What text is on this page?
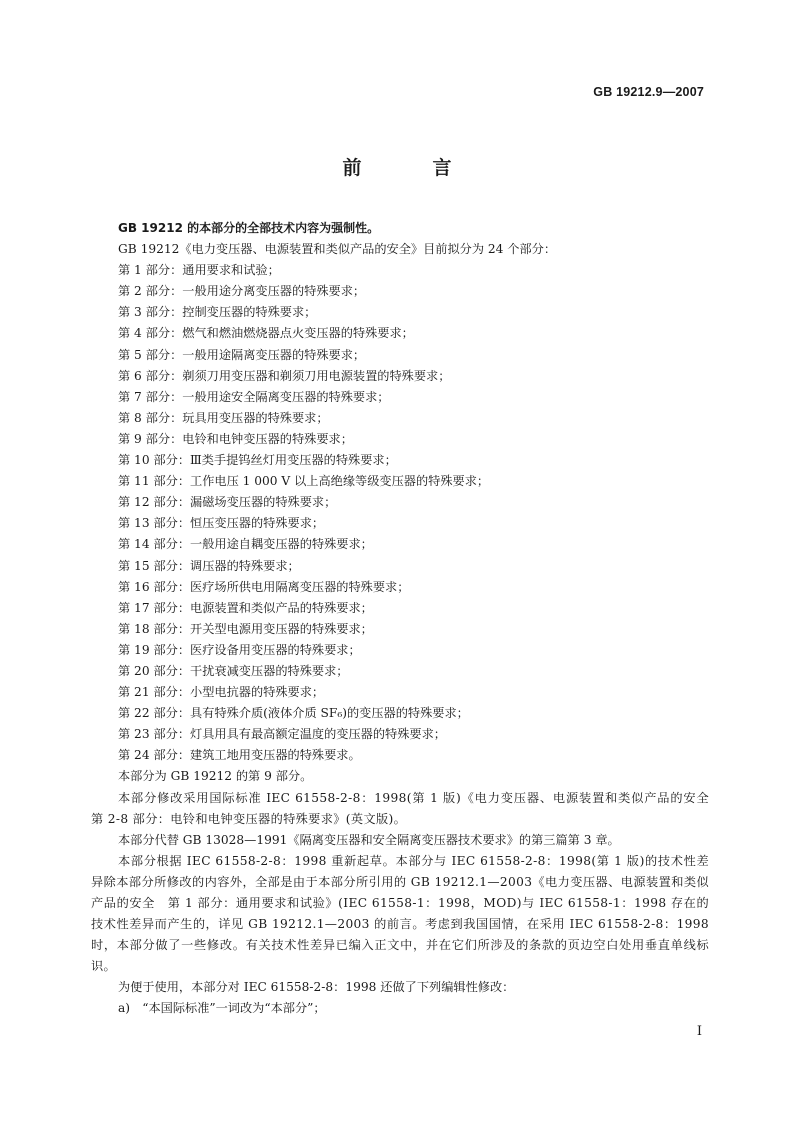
GB 19212.9—2007
前　言

GB 19212 的本部分的全部技术内容为强制性。

GB 19212《电力变压器、电源装置和类似产品的安全》目前拟分为 24 个部分：

第 1 部分：通用要求和试验；

第 2 部分：一般用途分离变压器的特殊要求；

第 3 部分：控制变压器的特殊要求；

第 4 部分：燃气和燃油燃烧器点火变压器的特殊要求；

第 5 部分：一般用途隔离变压器的特殊要求；

第 6 部分：剃须刀用变压器和剃须刀用电源装置的特殊要求；

第 7 部分：一般用途安全隔离变压器的特殊要求；

第 8 部分：玩具用变压器的特殊要求；

第 9 部分：电铃和电钟变压器的特殊要求；

第 10 部分：Ⅲ类手提钨丝灯用变压器的特殊要求；

第 11 部分：工作电压 1 000 V 以上高绝缘等级变压器的特殊要求；

第 12 部分：漏磁场变压器的特殊要求；

第 13 部分：恒压变压器的特殊要求；

第 14 部分：一般用途自耦变压器的特殊要求；

第 15 部分：调压器的特殊要求；

第 16 部分：医疗场所供电用隔离变压器的特殊要求；

第 17 部分：电源装置和类似产品的特殊要求；

第 18 部分：开关型电源用变压器的特殊要求；

第 19 部分：医疗设备用变压器的特殊要求；

第 20 部分：干扰衰减变压器的特殊要求；

第 21 部分：小型电抗器的特殊要求；

第 22 部分：具有特殊介质(液体介质 SF₆)的变压器的特殊要求；

第 23 部分：灯具用具有最高额定温度的变压器的特殊要求；

第 24 部分：建筑工地用变压器的特殊要求。

本部分为 GB 19212 的第 9 部分。

本部分修改采用国际标准 IEC 61558-2-8：1998(第 1 版)《电力变压器、电源装置和类似产品的安全　第 2-8 部分：电铃和电钟变压器的特殊要求》(英文版)。

本部分代替 GB 13028—1991《隔离变压器和安全隔离变压器技术要求》的第三篇第 3 章。

本部分根据 IEC 61558-2-8：1998 重新起草。本部分与 IEC 61558-2-8：1998(第 1 版)的技术性差异除本部分所修改的内容外，全部是由于本部分所引用的 GB 19212.1—2003《电力变压器、电源装置和类似产品的安全　第 1 部分：通用要求和试验》(IEC 61558-1：1998，MOD)与 IEC 61558-1：1998 存在的技术性差异而产生的，详见 GB 19212.1—2003 的前言。考虑到我国国情，在采用 IEC 61558-2-8：1998 时，本部分做了一些修改。有关技术性差异已编入正文中，并在它们所涉及的条款的页边空白处用垂直单线标识。

为便于使用，本部分对 IEC 61558-2-8：1998 还做了下列编辑性修改：

a)　“本国际标准”一词改为“本部分”；

I
